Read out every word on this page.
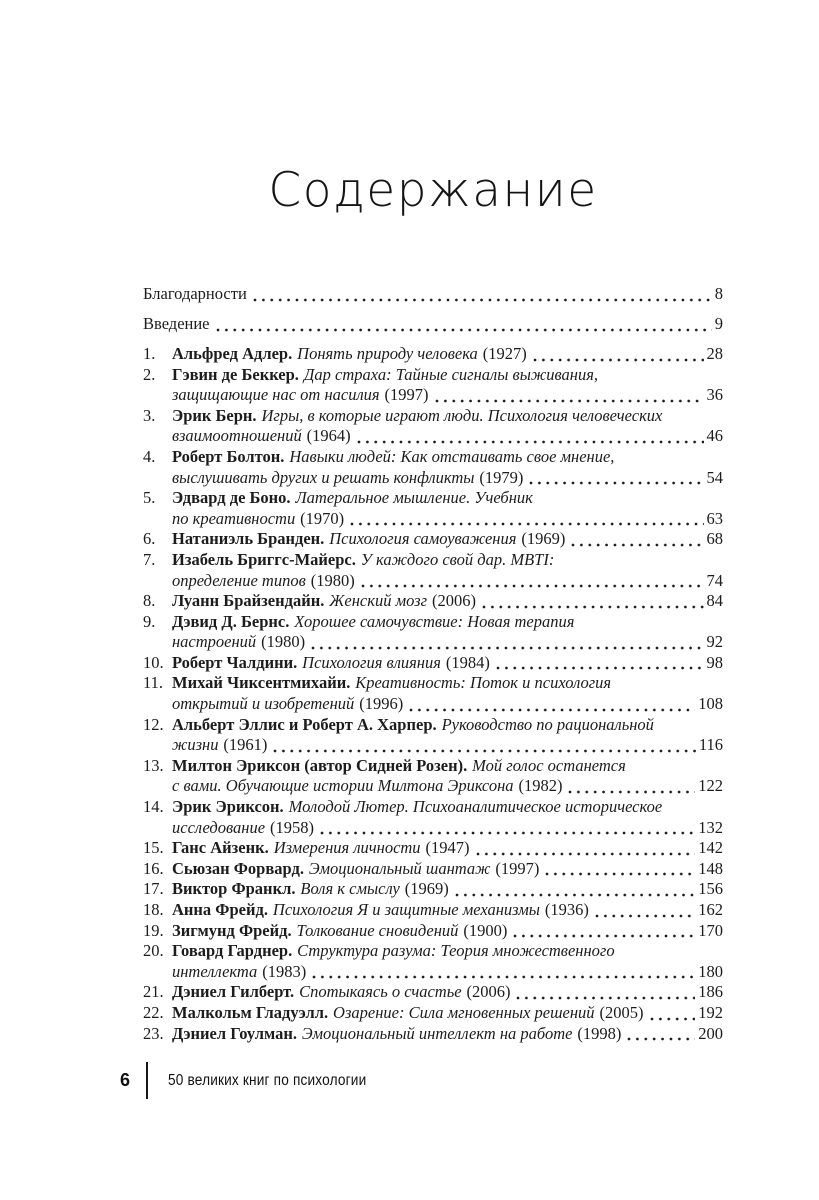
Содержание
Благодарности	8
Введение	9
1.	Альфред Адлер. Понять природу человека (1927)	28
2.	Гэвин де Беккер. Дар страха: Тайные сигналы выживания,
защищающие нас от насилия (1997)	36
3.	Эрик Берн. Игры, в которые играют люди. Психология человеческих
взаимоотношений (1964)	46
4.	Роберт Болтон. Навыки людей: Как отстаивать свое мнение,
выслушивать других и решать конфликты (1979)	54
5.	Эдвард де Боно. Латеральное мышление. Учебник
по креативности (1970)	63
6.	Натаниэль Бранден. Психология самоуважения (1969)	68
7.	Изабель Бриггс-Майерс. У каждого свой дар. MBTI:
определение типов (1980)	74
8.	Луанн Брайзендайн. Женский мозг (2006)	84
9.	Дэвид Д. Бернс. Хорошее самочувствие: Новая терапия
настроений (1980)	92
10. Роберт Чалдини. Психология влияния (1984)	98
11. Михай Чиксентмихайи. Креативность: Поток и психология
открытий и изобретений (1996)	108
12. Альберт Эллис и Роберт А. Харпер. Руководство по рациональной
жизни (1961)	116
13. Милтон Эриксон (автор Сидней Розен). Мой голос останется
с вами. Обучающие истории Милтона Эриксона (1982)	122
14. Эрик Эриксон. Молодой Лютер. Психоаналитическое историческое
исследование (1958)	132
15. Ганс Айзенк. Измерения личности (1947)	142
16. Сьюзан Форвард. Эмоциональный шантаж (1997)	148
17. Виктор Франкл. Воля к смыслу (1969)	156
18. Анна Фрейд. Психология Я и защитные механизмы (1936)	162
19. Зигмунд Фрейд. Толкование сновидений (1900)	170
20. Говард Гарднер. Структура разума: Теория множественного
интеллекта (1983)	180
21. Дэниел Гилберт. Спотыкаясь о счастье (2006)	186
22. Малкольм Гладуэлл. Озарение: Сила мгновенных решений (2005)	192
23. Дэниел Гоулман. Эмоциональный интеллект на работе (1998)	200
6	50 великих книг по психологии
